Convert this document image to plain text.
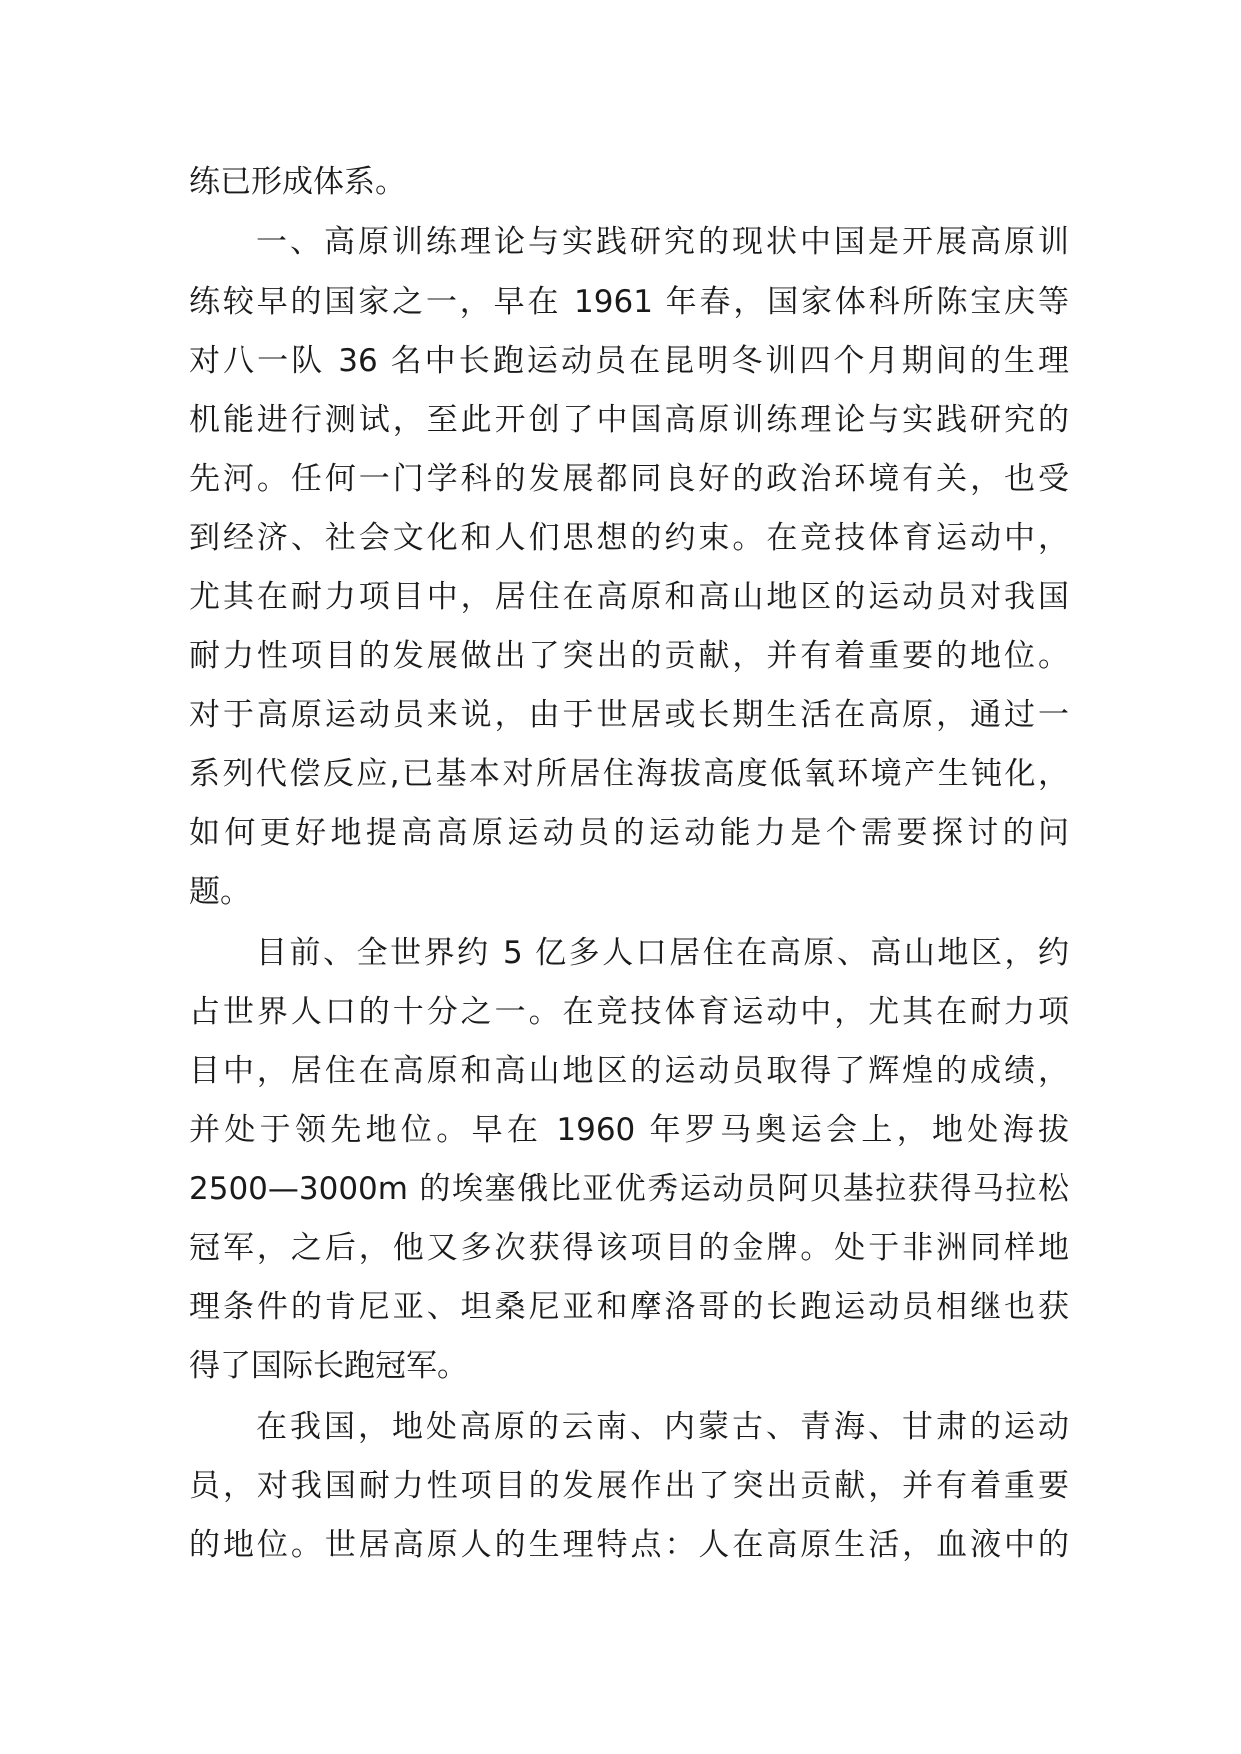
练已形成体系。
一、高原训练理论与实践研究的现状中国是开展高原训
练较早的国家之一，早在 1961 年春，国家体科所陈宝庆等
对八一队 36 名中长跑运动员在昆明冬训四个月期间的生理
机能进行测试，至此开创了中国高原训练理论与实践研究的
先河。任何一门学科的发展都同良好的政治环境有关，也受
到经济、社会文化和人们思想的约束。在竞技体育运动中，
尤其在耐力项目中，居住在高原和高山地区的运动员对我国
耐力性项目的发展做出了突出的贡献，并有着重要的地位。
对于高原运动员来说，由于世居或长期生活在高原，通过一
系列代偿反应,已基本对所居住海拔高度低氧环境产生钝化，
如何更好地提高高原运动员的运动能力是个需要探讨的问
题。
目前、全世界约 5 亿多人口居住在高原、高山地区，约
占世界人口的十分之一。在竞技体育运动中，尤其在耐力项
目中，居住在高原和高山地区的运动员取得了辉煌的成绩，
并处于领先地位。早在 1960 年罗马奥运会上，地处海拔
2500—3000m 的埃塞俄比亚优秀运动员阿贝基拉获得马拉松
冠军，之后，他又多次获得该项目的金牌。处于非洲同样地
理条件的肯尼亚、坦桑尼亚和摩洛哥的长跑运动员相继也获
得了国际长跑冠军。
在我国，地处高原的云南、内蒙古、青海、甘肃的运动
员，对我国耐力性项目的发展作出了突出贡献，并有着重要
的地位。世居高原人的生理特点：人在高原生活，血液中的
